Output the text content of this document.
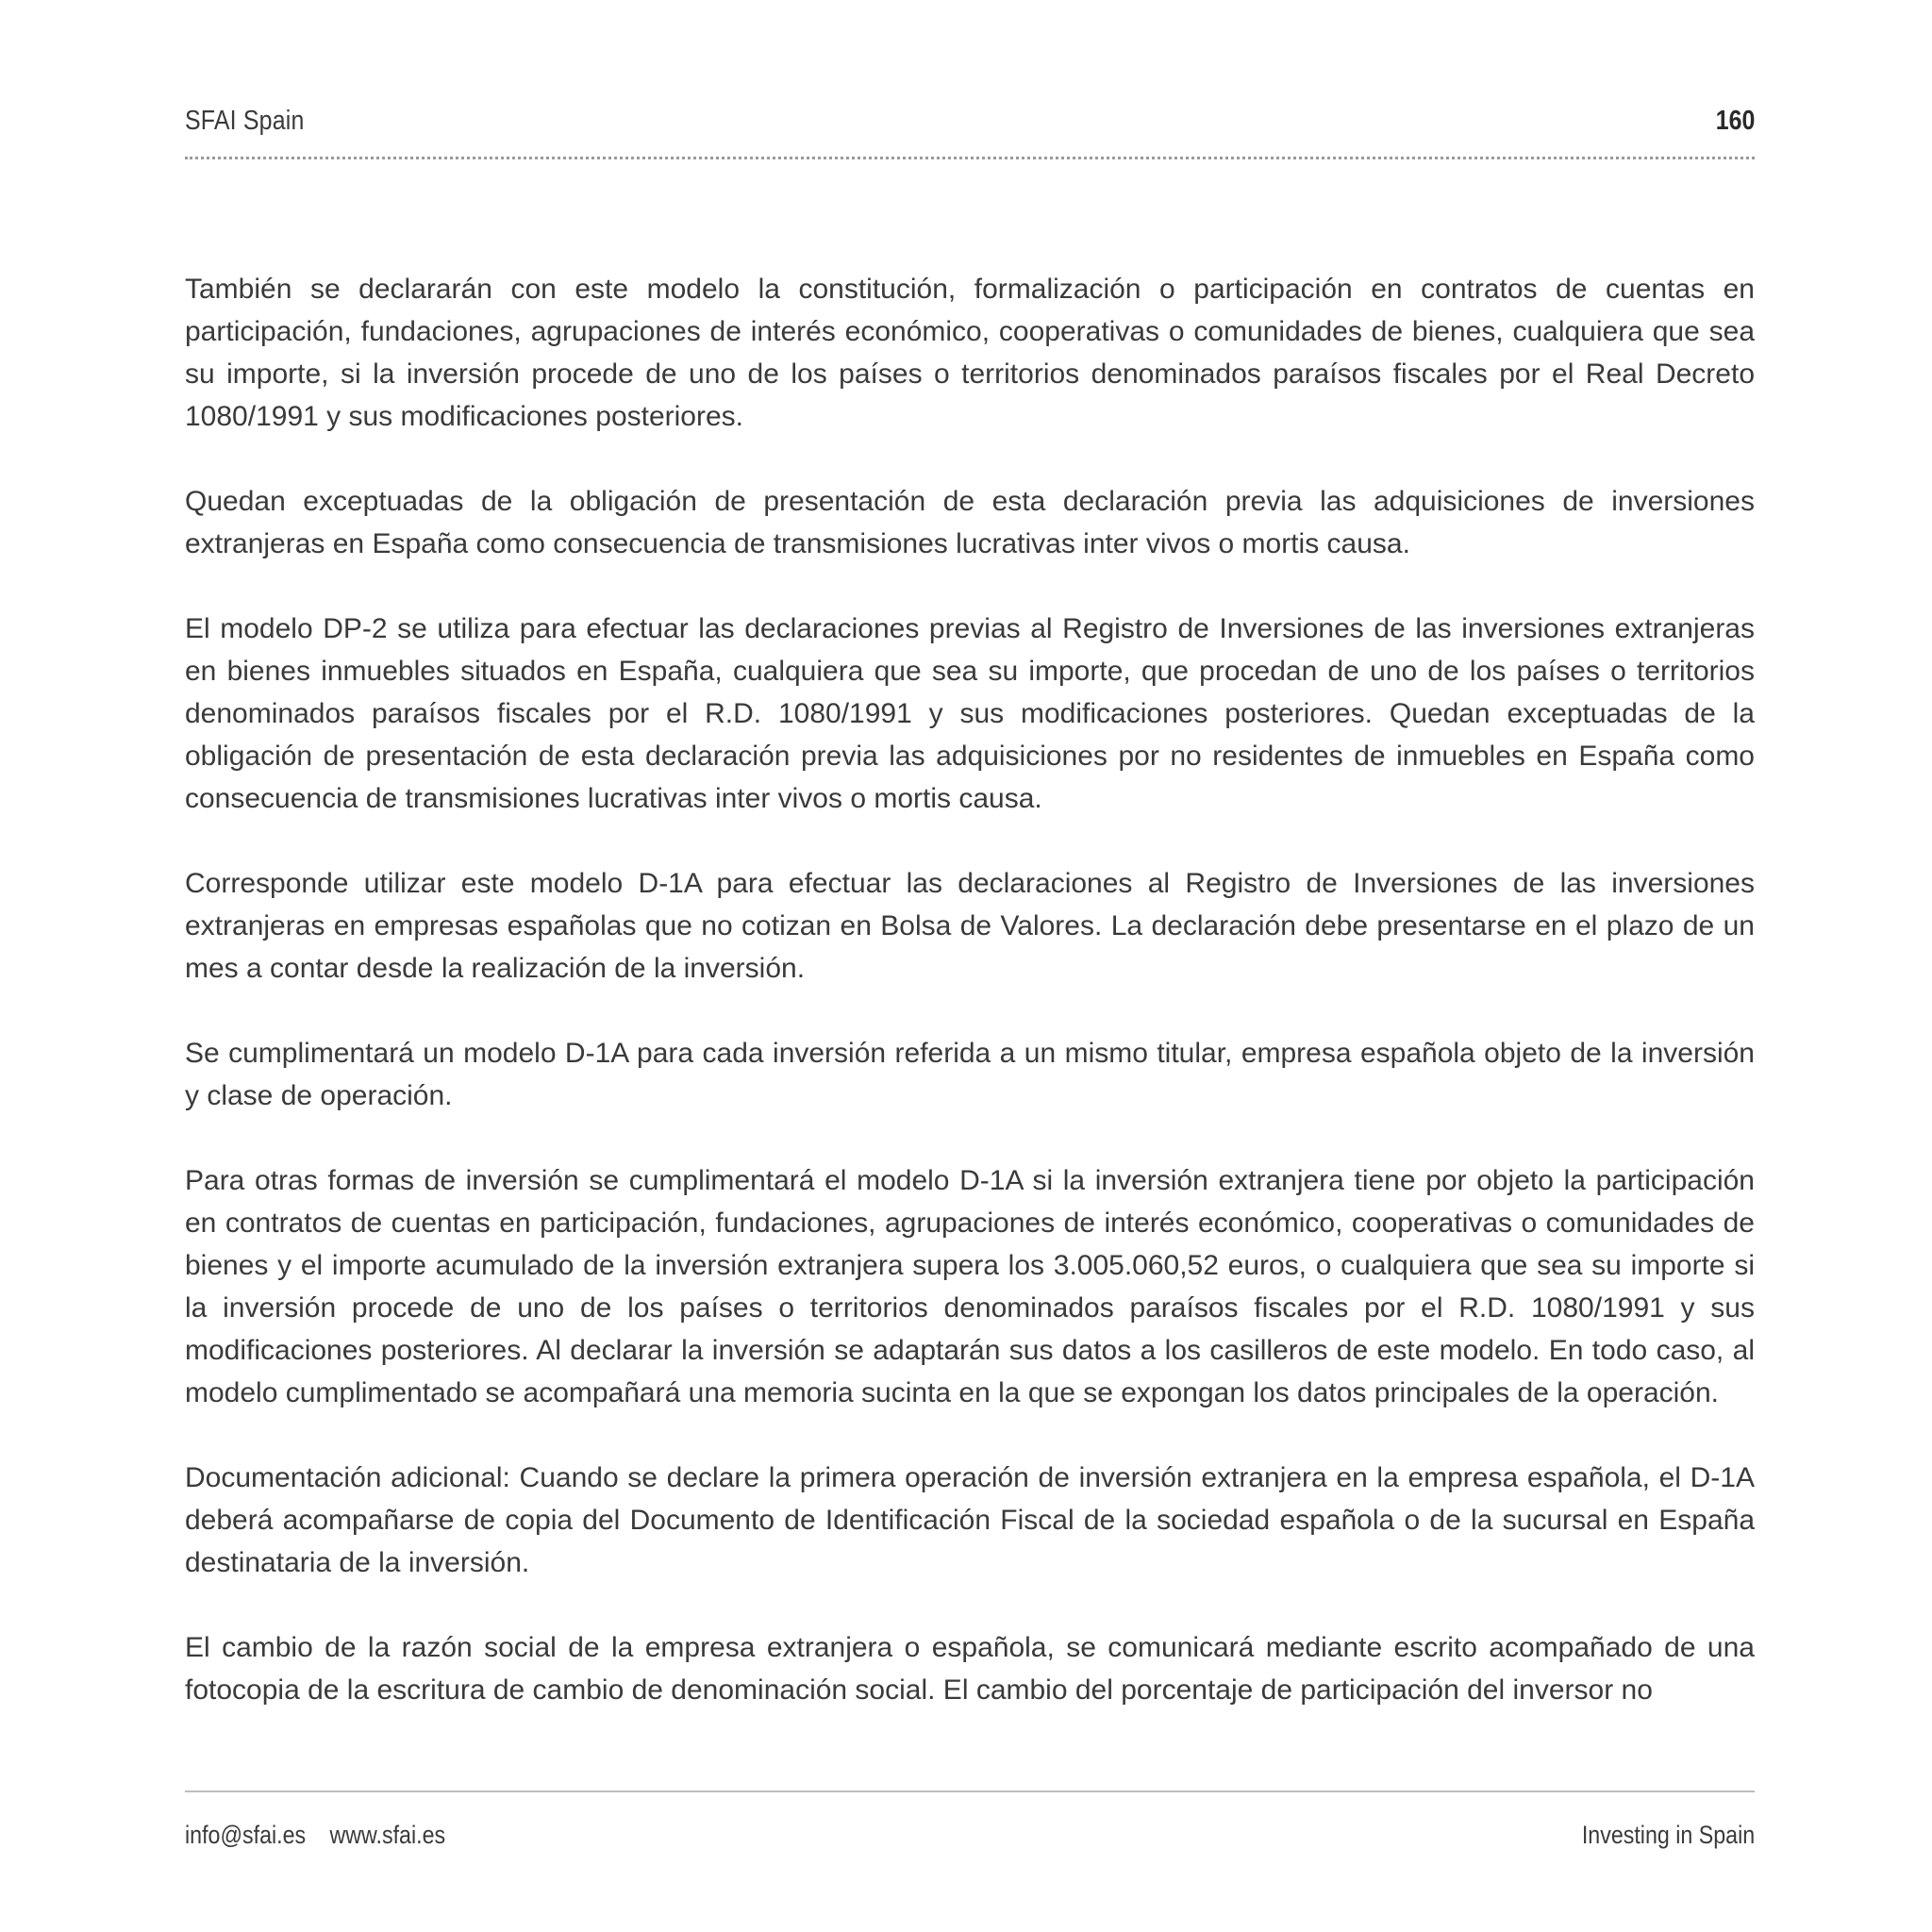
SFAI Spain	160

También se declararán con este modelo la constitución, formalización o participación en contratos de cuentas en participación, fundaciones, agrupaciones de interés económico, cooperativas o comunidades de bienes, cualquiera que sea su importe, si la inversión procede de uno de los países o territorios denominados paraísos fiscales por el Real Decreto 1080/1991 y sus modificaciones posteriores.

Quedan exceptuadas de la obligación de presentación de esta declaración previa las adquisiciones de inversiones extranjeras en España como consecuencia de transmisiones lucrativas inter vivos o mortis causa.

El modelo DP-2 se utiliza para efectuar las declaraciones previas al Registro de Inversiones de las inversiones extranjeras en bienes inmuebles situados en España, cualquiera que sea su importe, que procedan de uno de los países o territorios denominados paraísos fiscales por el R.D. 1080/1991 y sus modificaciones posteriores. Quedan exceptuadas de la obligación de presentación de esta declaración previa las adquisiciones por no residentes de inmuebles en España como consecuencia de transmisiones lucrativas inter vivos o mortis causa.

Corresponde utilizar este modelo D-1A para efectuar las declaraciones al Registro de Inversiones de las inversiones extranjeras en empresas españolas que no cotizan en Bolsa de Valores. La declaración debe presentarse en el plazo de un mes a contar desde la realización de la inversión.

Se cumplimentará un modelo D-1A para cada inversión referida a un mismo titular, empresa española objeto de la inversión y clase de operación.

Para otras formas de inversión se cumplimentará el modelo D-1A si la inversión extranjera tiene por objeto la participación en contratos de cuentas en participación, fundaciones, agrupaciones de interés económico, cooperativas o comunidades de bienes y el importe acumulado de la inversión extranjera supera los 3.005.060,52 euros, o cualquiera que sea su importe si la inversión procede de uno de los países o territorios denominados paraísos fiscales por el R.D. 1080/1991 y sus modificaciones posteriores. Al declarar la inversión se adaptarán sus datos a los casilleros de este modelo. En todo caso, al modelo cumplimentado se acompañará una memoria sucinta en la que se expongan los datos principales de la operación.

Documentación adicional: Cuando se declare la primera operación de inversión extranjera en la empresa española, el D-1A deberá acompañarse de copia del Documento de Identificación Fiscal de la sociedad española o de la sucursal en España destinataria de la inversión.

El cambio de la razón social de la empresa extranjera o española, se comunicará mediante escrito acompañado de una fotocopia de la escritura de cambio de denominación social. El cambio del porcentaje de participación del inversor no

info@sfai.es www.sfai.es	Investing in Spain
